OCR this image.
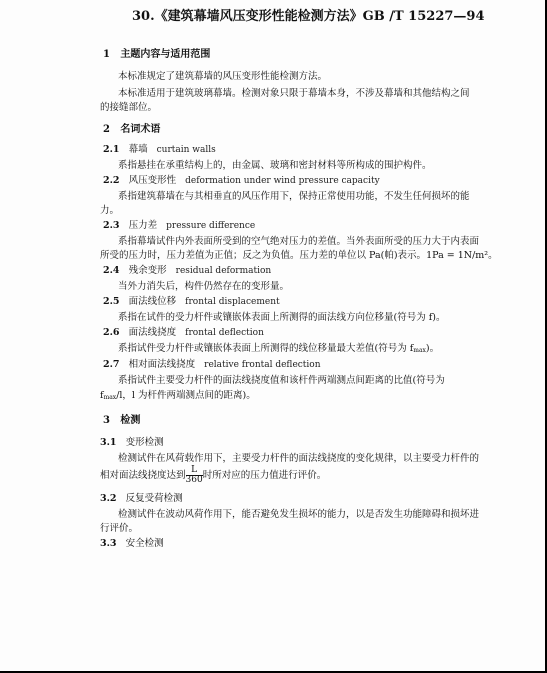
30.《建筑幕墙风压变形性能检测方法》GB /T 15227—94
1 主题内容与适用范围
本标准规定了建筑幕墙的风压变形性能检测方法。
本标准适用于建筑玻璃幕墙。检测对象只限于幕墙本身，不涉及幕墙和其他结构之间
的接缝部位。
2 名词术语
2.1 幕墙 curtain walls
系指悬挂在承重结构上的，由金属、玻璃和密封材料等所构成的围护构件。
2.2 风压变形性 deformation under wind pressure capacity
系指建筑幕墙在与其相垂直的风压作用下，保持正常使用功能，不发生任何损坏的能
力。
2.3 压力差 pressure difference
系指幕墙试件内外表面所受到的空气绝对压力的差值。当外表面所受的压力大于内表面
所受的压力时，压力差值为正值；反之为负值。压力差的单位以 Pa(帕)表示。1Pa = 1N/m²。
2.4 残余变形 residual deformation
当外力消失后，构件仍然存在的变形量。
2.5 面法线位移 frontal displacement
系指在试件的受力杆件或镶嵌体表面上所测得的面法线方向位移量(符号为 f)。
2.6 面法线挠度 frontal deflection
系指试件受力杆件或镶嵌体表面上所测得的线位移量最大差值(符号为 fmax)。
2.7 相对面法线挠度 relative frontal deflection
系指试件主要受力杆件的面法线挠度值和该杆件两端测点间距离的比值(符号为
fmax/l，l 为杆件两端测点间的距离)。
3 检测
3.1 变形检测
检测试件在风荷载作用下，主要受力杆件的面法线挠度的变化规律，以主要受力杆件的
相对面法线挠度达到 $\frac{L}{360}$ 时所对应的压力值进行评价。
3.2 反复受荷检测
检测试件在波动风荷作用下，能否避免发生损坏的能力，以是否发生功能障碍和损坏进
行评价。
3.3 安全检测
